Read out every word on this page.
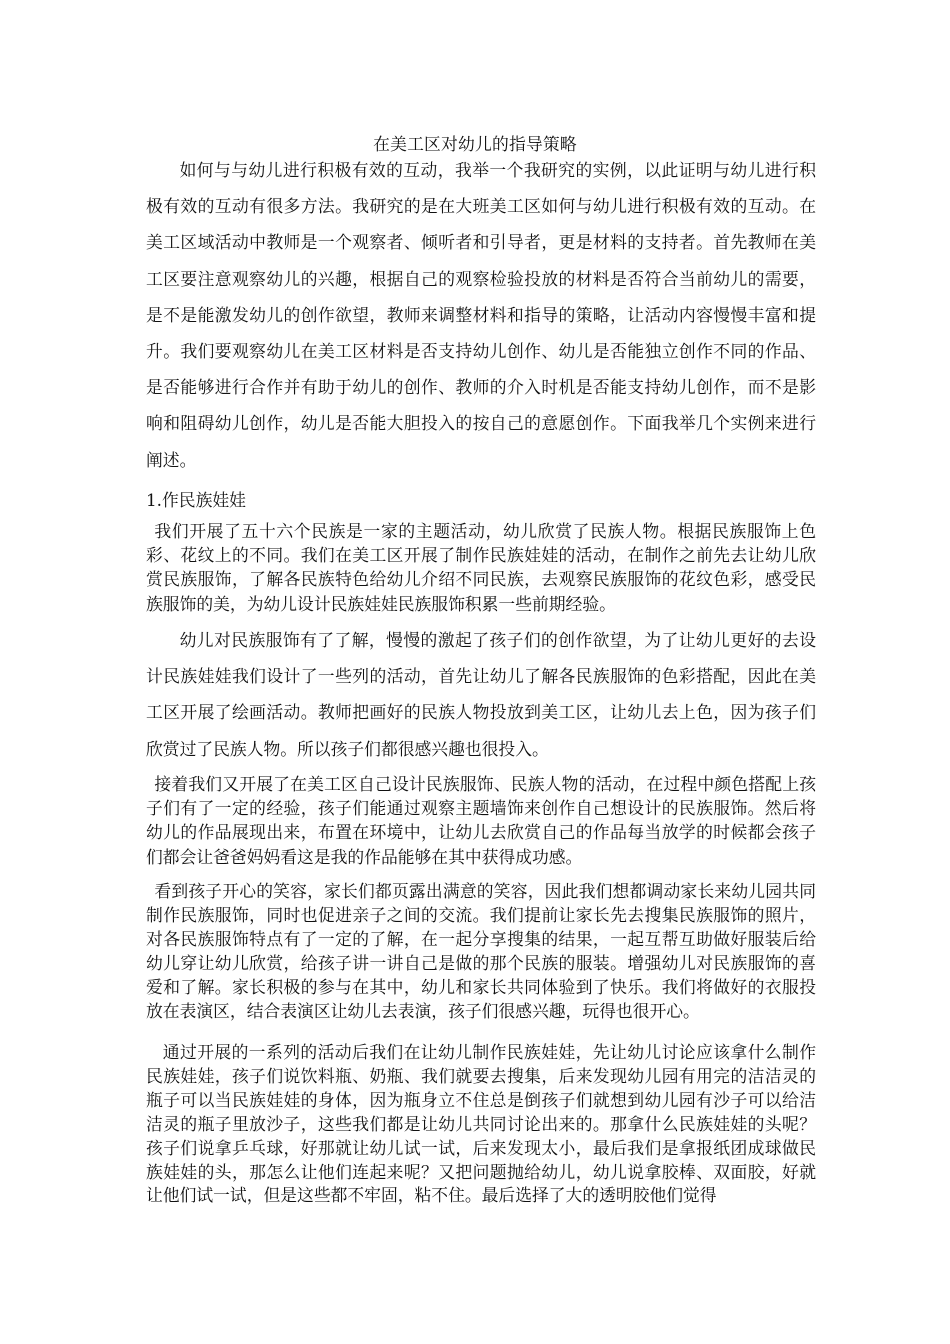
在美工区对幼儿的指导策略
如何与与幼儿进行积极有效的互动，我举一个我研究的实例，以此证明与幼儿进行积极有效的互动有很多方法。我研究的是在大班美工区如何与幼儿进行积极有效的互动。在美工区域活动中教师是一个观察者、倾听者和引导者，更是材料的支持者。首先教师在美工区要注意观察幼儿的兴趣，根据自己的观察检验投放的材料是否符合当前幼儿的需要，是不是能激发幼儿的创作欲望，教师来调整材料和指导的策略，让活动内容慢慢丰富和提升。我们要观察幼儿在美工区材料是否支持幼儿创作、幼儿是否能独立创作不同的作品、是否能够进行合作并有助于幼儿的创作、教师的介入时机是否能支持幼儿创作，而不是影响和阻碍幼儿创作，幼儿是否能大胆投入的按自己的意愿创作。下面我举几个实例来进行阐述。
1.作民族娃娃
我们开展了五十六个民族是一家的主题活动，幼儿欣赏了民族人物。根据民族服饰上色彩、花纹上的不同。我们在美工区开展了制作民族娃娃的活动，在制作之前先去让幼儿欣赏民族服饰，了解各民族特色给幼儿介绍不同民族，去观察民族服饰的花纹色彩，感受民族服饰的美，为幼儿设计民族娃娃民族服饰积累一些前期经验。
幼儿对民族服饰有了了解，慢慢的激起了孩子们的创作欲望，为了让幼儿更好的去设计民族娃娃我们设计了一些列的活动，首先让幼儿了解各民族服饰的色彩搭配，因此在美工区开展了绘画活动。教师把画好的民族人物投放到美工区，让幼儿去上色，因为孩子们欣赏过了民族人物。所以孩子们都很感兴趣也很投入。
接着我们又开展了在美工区自己设计民族服饰、民族人物的活动，在过程中颜色搭配上孩子们有了一定的经验，孩子们能通过观察主题墙饰来创作自己想设计的民族服饰。然后将幼儿的作品展现出来，布置在环境中，让幼儿去欣赏自己的作品每当放学的时候都会孩子们都会让爸爸妈妈看这是我的作品能够在其中获得成功感。
看到孩子开心的笑容，家长们都页露出满意的笑容，因此我们想都调动家长来幼儿园共同制作民族服饰，同时也促进亲子之间的交流。我们提前让家长先去搜集民族服饰的照片，对各民族服饰特点有了一定的了解，在一起分享搜集的结果，一起互帮互助做好服装后给幼儿穿让幼儿欣赏，给孩子讲一讲自己是做的那个民族的服装。增强幼儿对民族服饰的喜爱和了解。家长积极的参与在其中，幼儿和家长共同体验到了快乐。我们将做好的衣服投放在表演区，结合表演区让幼儿去表演，孩子们很感兴趣，玩得也很开心。
通过开展的一系列的活动后我们在让幼儿制作民族娃娃，先让幼儿讨论应该拿什么制作民族娃娃，孩子们说饮料瓶、奶瓶、我们就要去搜集，后来发现幼儿园有用完的洁洁灵的瓶子可以当民族娃娃的身体，因为瓶身立不住总是倒孩子们就想到幼儿园有沙子可以给洁洁灵的瓶子里放沙子，这些我们都是让幼儿共同讨论出来的。那拿什么民族娃娃的头呢？孩子们说拿乒乓球，好那就让幼儿试一试，后来发现太小，最后我们是拿报纸团成球做民族娃娃的头，那怎么让他们连起来呢？又把问题抛给幼儿，幼儿说拿胶棒、双面胶，好就让他们试一试，但是这些都不牢固，粘不住。最后选择了大的透明胶他们觉得
